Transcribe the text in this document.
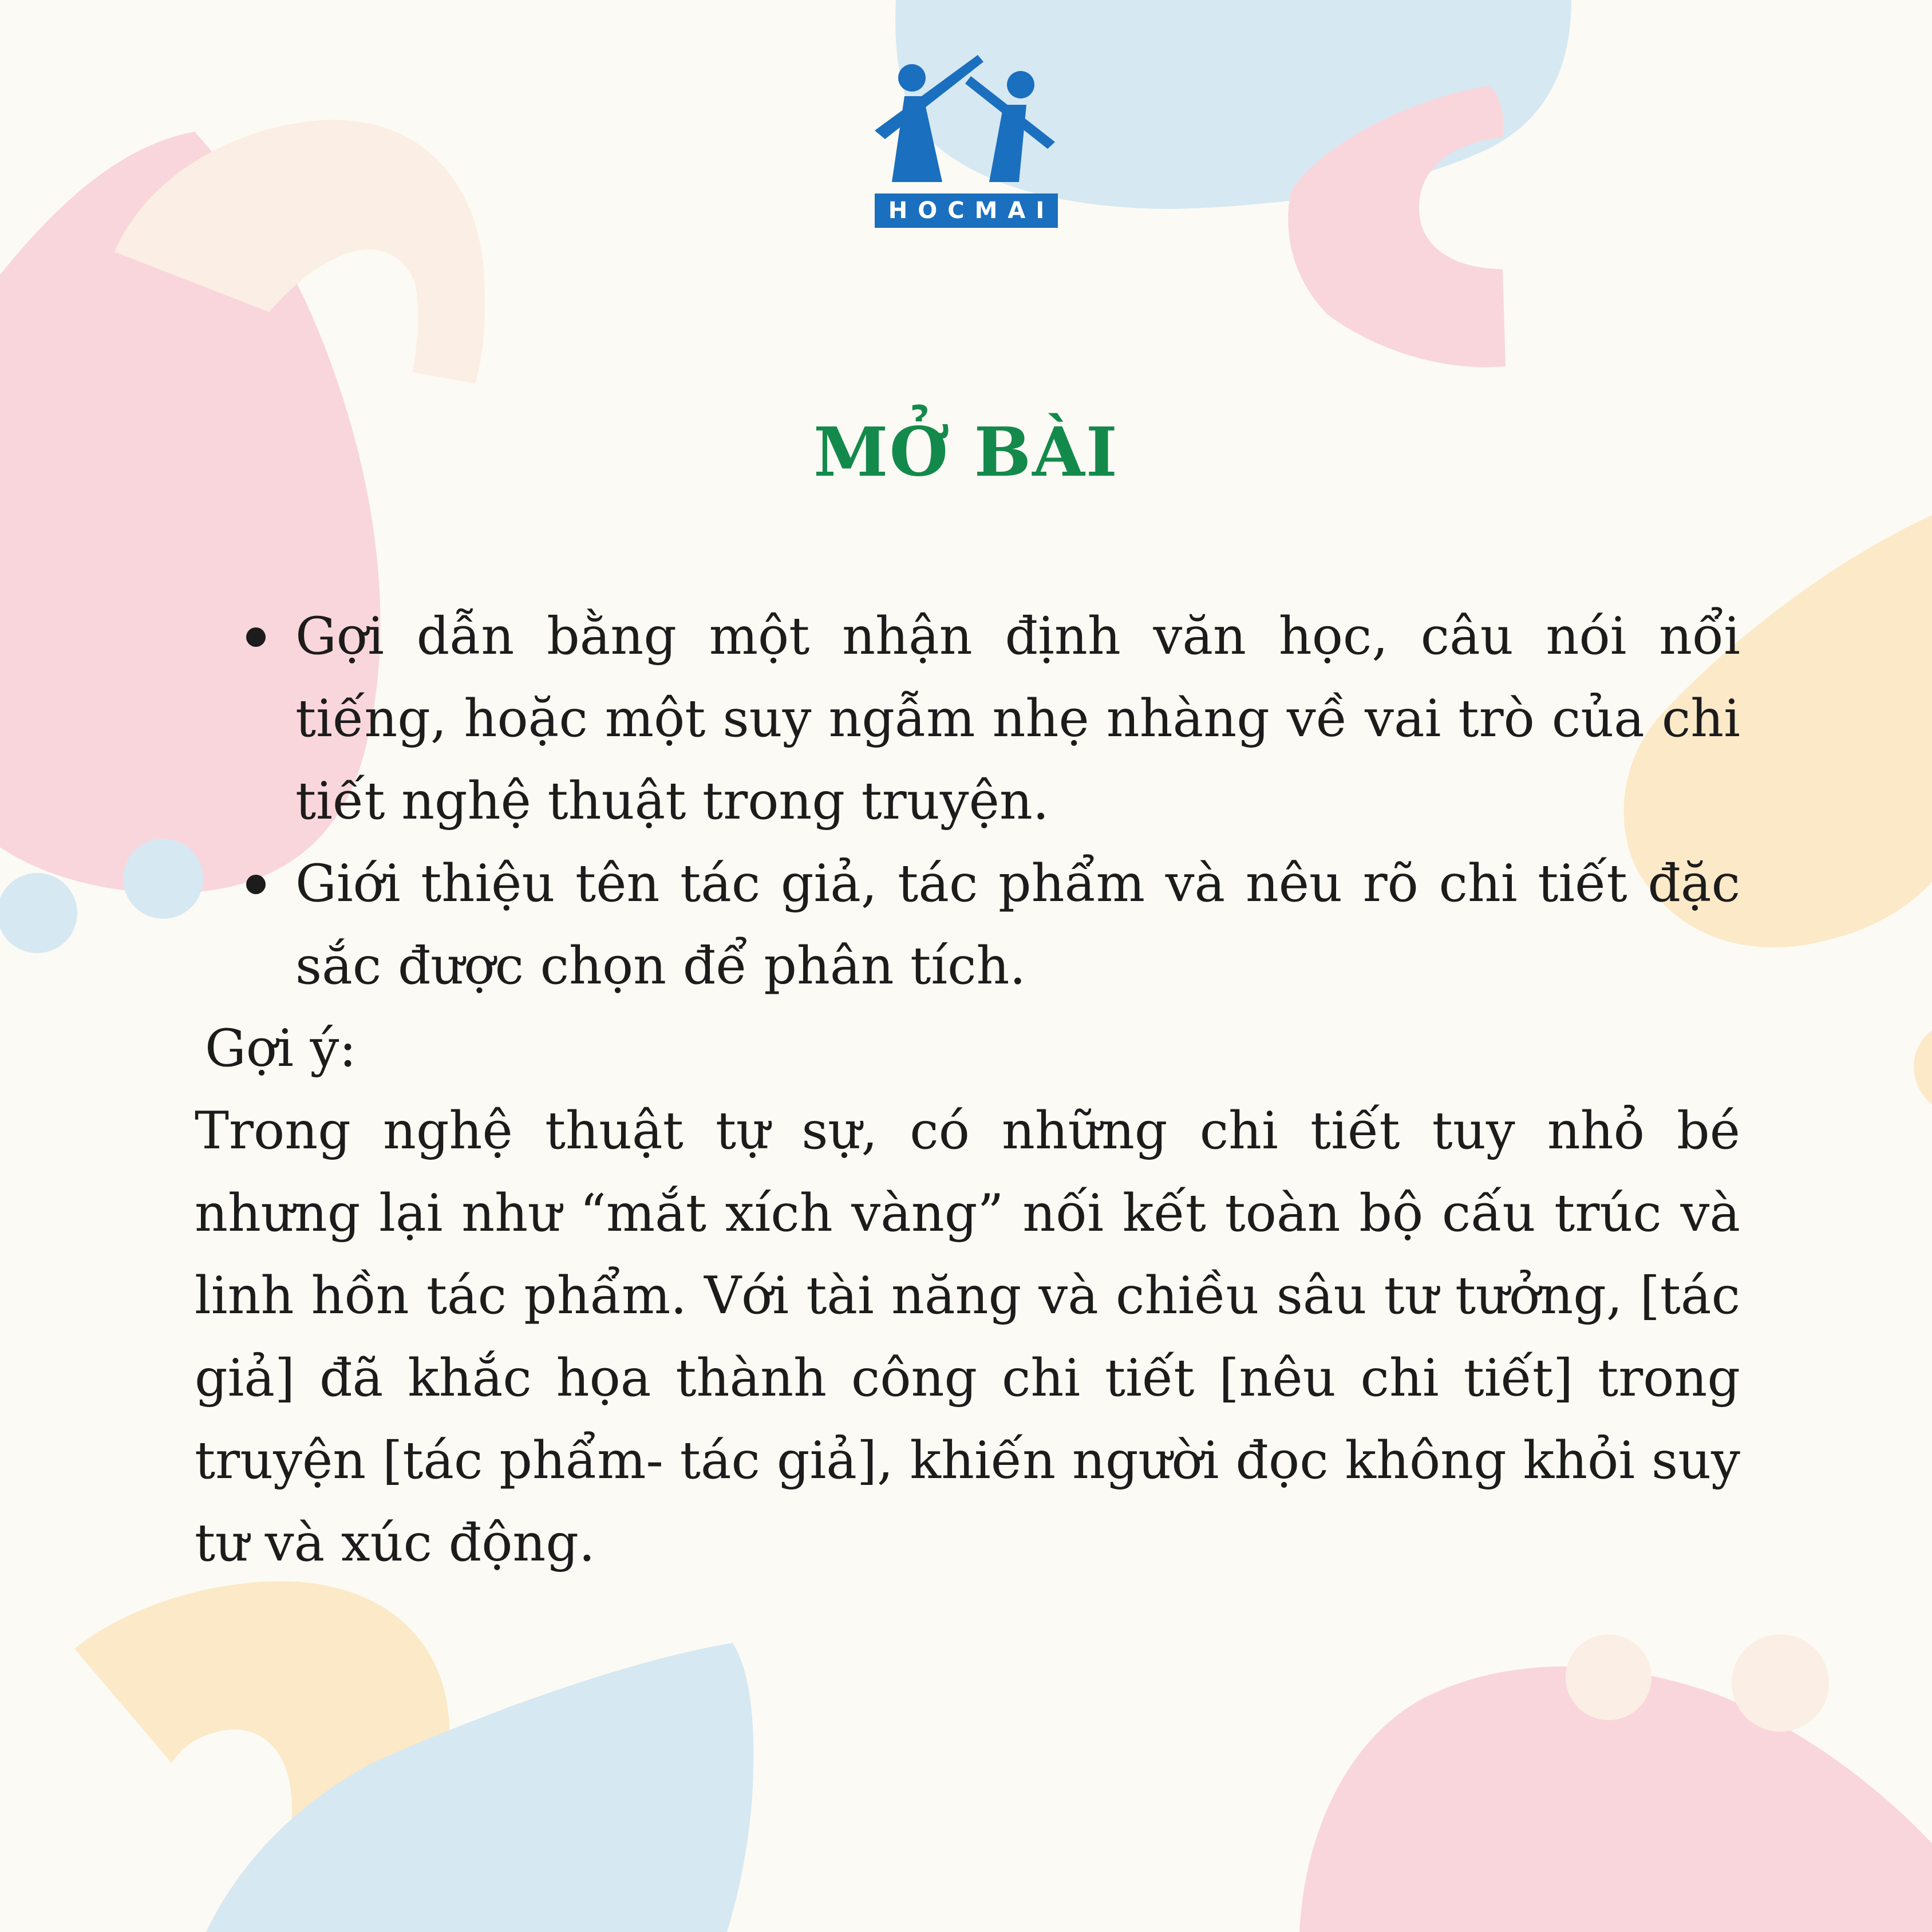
HOCMAI
MỞ BÀI
Gợi dẫn bằng một nhận định văn học, câu nói nổi tiếng, hoặc một suy ngẫm nhẹ nhàng về vai trò của chi tiết nghệ thuật trong truyện.
Giới thiệu tên tác giả, tác phẩm và nêu rõ chi tiết đặc sắc được chọn để phân tích.
Gợi ý:

Trong nghệ thuật tự sự, có những chi tiết tuy nhỏ bé nhưng lại như “mắt xích vàng” nối kết toàn bộ cấu trúc và linh hồn tác phẩm. Với tài năng và chiều sâu tư tưởng, [tác giả] đã khắc họa thành công chi tiết [nêu chi tiết] trong truyện [tác phẩm- tác giả], khiến người đọc không khỏi suy tư và xúc động.
